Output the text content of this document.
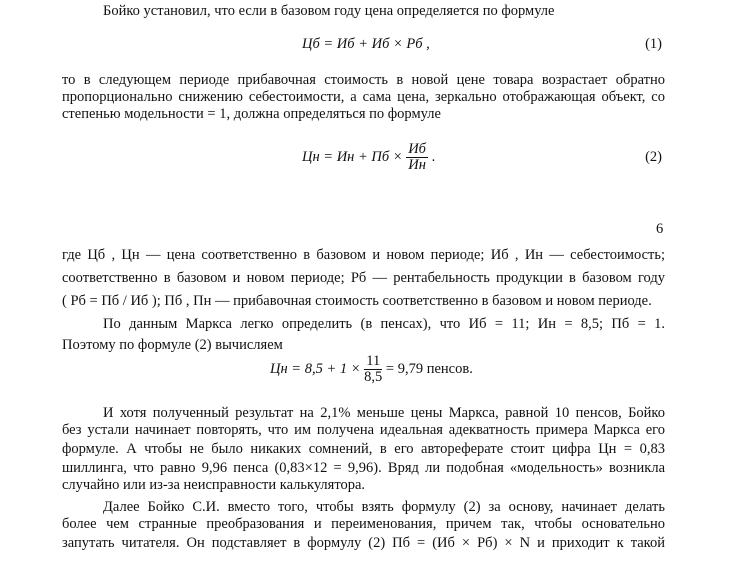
Бойко установил, что если в базовом году цена определяется по формуле
Цб = Иб + Иб × Рб ,	(1)
то в следующем периоде прибавочная стоимость в новой цене товара возрастает обратно
пропорционально снижению себестоимости, а сама цена, зеркально отображающая объект, со
степенью модельности = 1, должна определяться по формуле
Цн = Ин + Пб × $\frac{Иб}{Ин}$ .	(2)
6
где Цб , Цн — цена соответственно в базовом и новом периоде; Иб , Ин — себестоимость;
соответственно в базовом и новом периоде; Рб — рентабельность продукции в базовом году
( Рб = Пб / Иб ); Пб , Пн — прибавочная стоимость соответственно в базовом и новом периоде.
По данным Маркса легко определить (в пенсах), что Иб = 11; Ин = 8,5; Пб = 1.
Поэтому по формуле (2) вычисляем
Цн = $8,5 + 1 \times \frac{11}{8,5} = 9,79$ пенсов.
И хотя полученный результат на 2,1% меньше цены Маркса, равной 10 пенсов, Бойко
без устали начинает повторять, что им получена идеальная адекватность примера Маркса его
формуле. А чтобы не было никаких сомнений, в его автореферате стоит цифра Цн = 0,83
шиллинга, что равно 9,96 пенса (0,83×12 = 9,96). Вряд ли подобная «модельность» возникла
случайно или из-за неисправности калькулятора.
Далее Бойко С.И. вместо того, чтобы взять формулу (2) за основу, начинает делать
более чем странные преобразования и переименования, причем так, чтобы основательно
запутать читателя. Он подставляет в формулу (2) Пб = (Иб × Рб) × N и приходит к такой
